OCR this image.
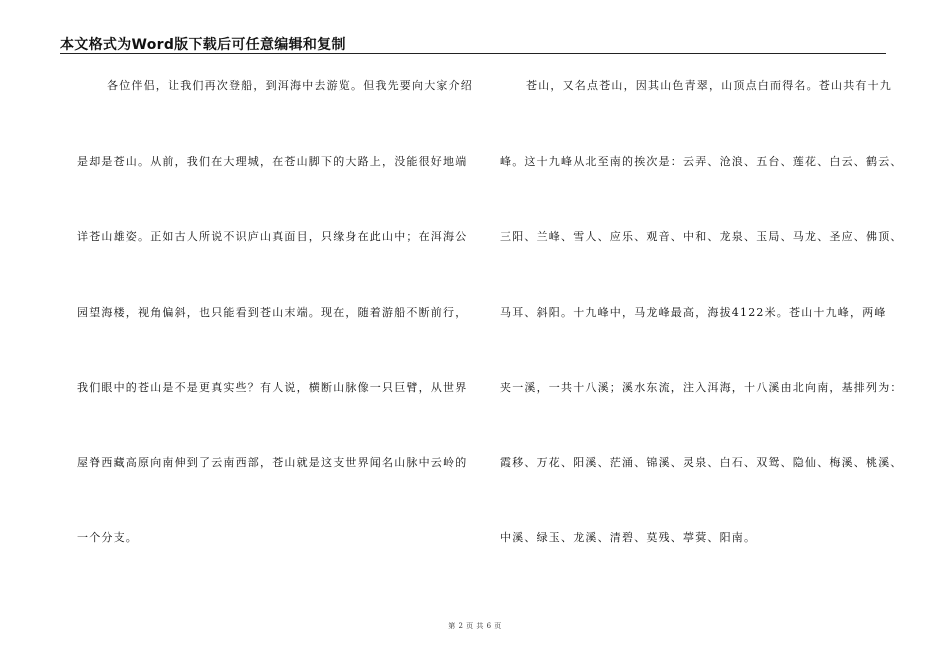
本文格式为Word版下载后可任意编辑和复制
各位伴侣，让我们再次登船，到洱海中去游览。但我先要向大家介绍
是却是苍山。从前，我们在大理城，在苍山脚下的大路上，没能很好地端
详苍山雄姿。正如古人所说不识庐山真面目，只缘身在此山中；在洱海公
园望海楼，视角偏斜，也只能看到苍山末端。现在，随着游船不断前行，
我们眼中的苍山是不是更真实些？有人说，横断山脉像一只巨臂，从世界
屋脊西藏高原向南伸到了云南西部，苍山就是这支世界闻名山脉中云岭的
一个分支。
苍山，又名点苍山，因其山色青翠，山顶点白而得名。苍山共有十九
峰。这十九峰从北至南的挨次是：云弄、沧浪、五台、莲花、白云、鹤云、
三阳、兰峰、雪人、应乐、观音、中和、龙泉、玉局、马龙、圣应、佛顶、
马耳、斜阳。十九峰中，马龙峰最高，海拔4122米。苍山十九峰，两峰
夹一溪，一共十八溪；溪水东流，注入洱海，十八溪由北向南，基排列为：
霞移、万花、阳溪、茫涌、锦溪、灵泉、白石、双鸳、隐仙、梅溪、桃溪、
中溪、绿玉、龙溪、清碧、莫残、葶蓂、阳南。
第 2 页 共 6 页
